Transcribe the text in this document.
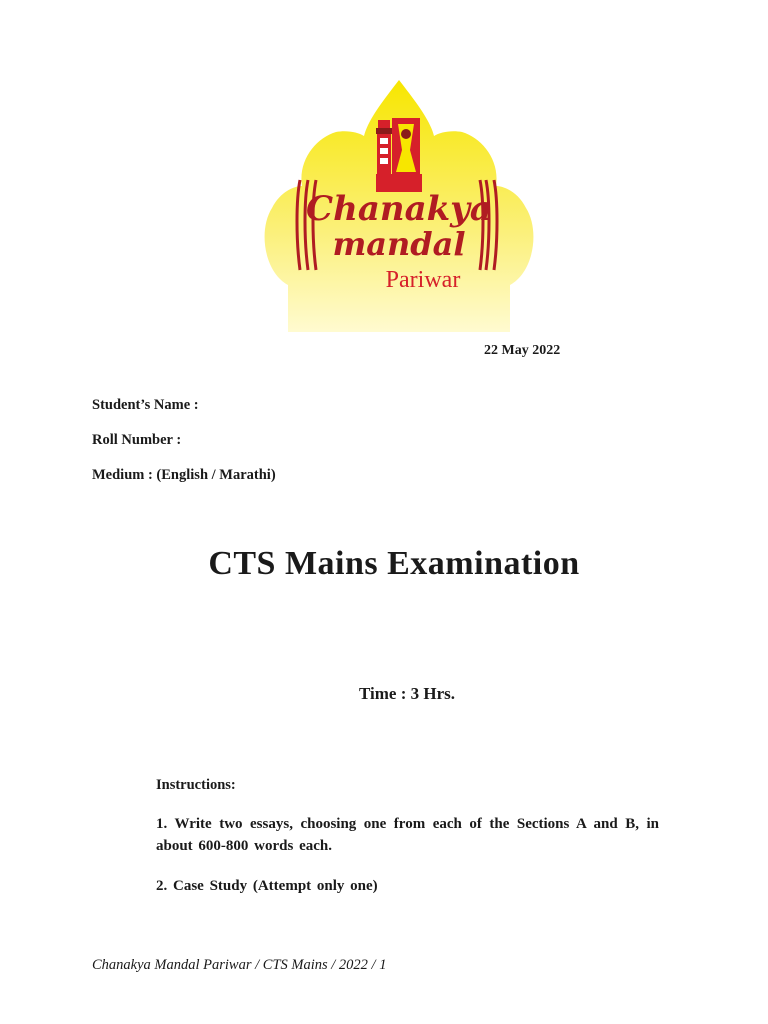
Chanakya
mandal
Pariwar
22 May 2022
Student’s Name :
Roll Number :
Medium : (English / Marathi)
CTS Mains Examination
Time : 3 Hrs.
Instructions:
1. Write two essays, choosing one from each of the Sections A and B, in about 600-800 words each.
2. Case Study (Attempt only one)
Chanakya Mandal Pariwar / CTS Mains / 2022 / 1
